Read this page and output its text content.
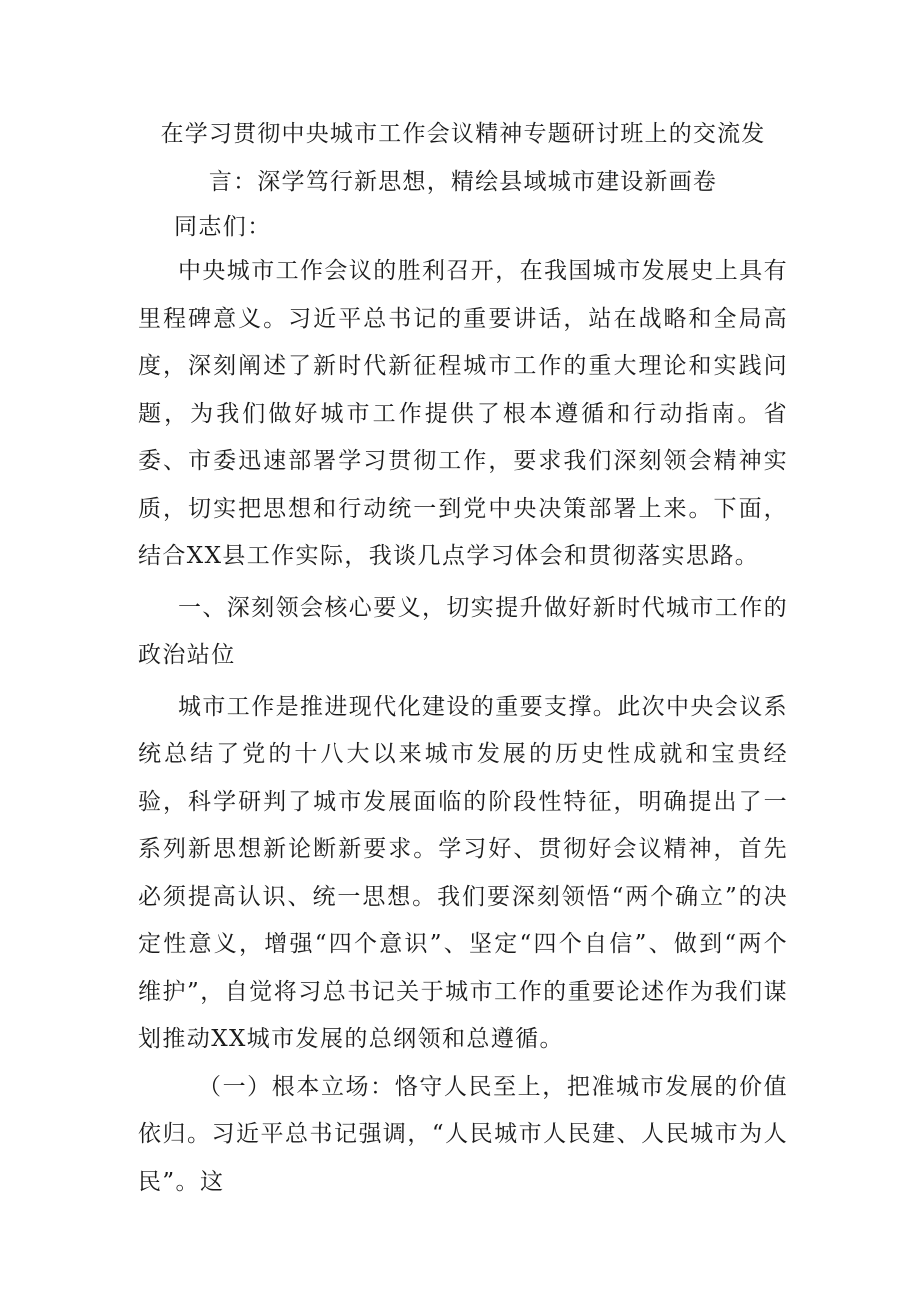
在学习贯彻中央城市工作会议精神专题研讨班上的交流发
言：深学笃行新思想，精绘县域城市建设新画卷

同志们：

中央城市工作会议的胜利召开，在我国城市发展史上具有里程碑意义。习近平总书记的重要讲话，站在战略和全局高度，深刻阐述了新时代新征程城市工作的重大理论和实践问题，为我们做好城市工作提供了根本遵循和行动指南。省委、市委迅速部署学习贯彻工作，要求我们深刻领会精神实质，切实把思想和行动统一到党中央决策部署上来。下面，结合XX县工作实际，我谈几点学习体会和贯彻落实思路。

一、深刻领会核心要义，切实提升做好新时代城市工作的政治站位

城市工作是推进现代化建设的重要支撑。此次中央会议系统总结了党的十八大以来城市发展的历史性成就和宝贵经验，科学研判了城市发展面临的阶段性特征，明确提出了一系列新思想新论断新要求。学习好、贯彻好会议精神，首先必须提高认识、统一思想。我们要深刻领悟“两个确立”的决定性意义，增强“四个意识”、坚定“四个自信”、做到“两个维护”，自觉将习总书记关于城市工作的重要论述作为我们谋划推动XX城市发展的总纲领和总遵循。

（一）根本立场：恪守人民至上，把准城市发展的价值依归。习近平总书记强调，“人民城市人民建、人民城市为人民”。这
